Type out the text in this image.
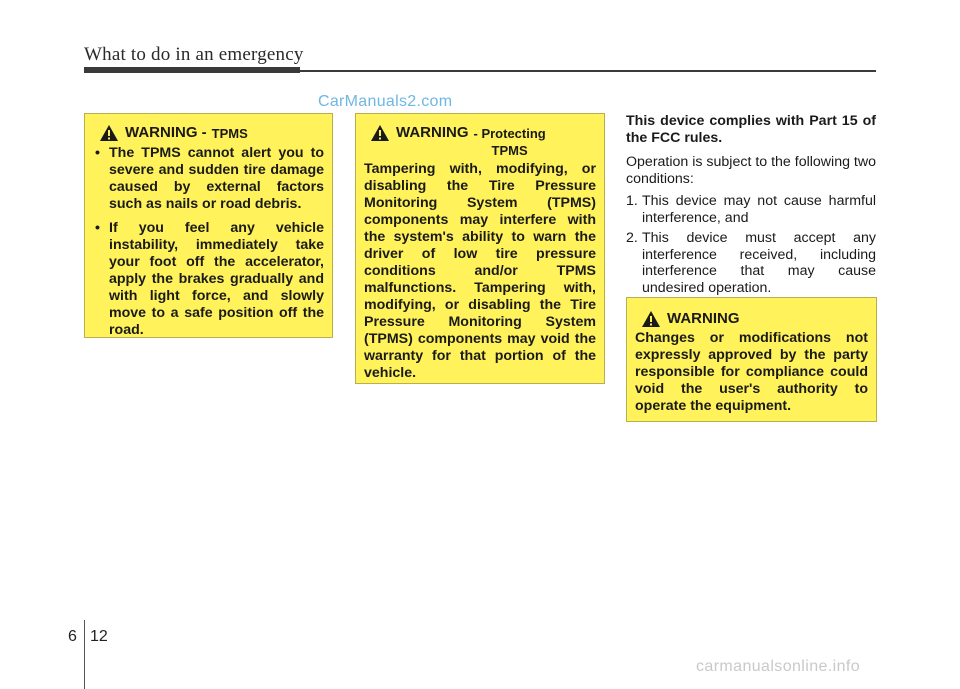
What to do in an emergency
CarManuals2.com
WARNING - TPMS
• The TPMS cannot alert you to severe and sudden tire damage caused by external factors such as nails or road debris.
• If you feel any vehicle instability, immediately take your foot off the accelerator, apply the brakes gradually and with light force, and slowly move to a safe position off the road.
WARNING - Protecting
TPMS
Tampering with, modifying, or disabling the Tire Pressure Monitoring System (TPMS) components may interfere with the system's ability to warn the driver of low tire pressure conditions and/or TPMS malfunctions. Tampering with, modifying, or disabling the Tire Pressure Monitoring System (TPMS) components may void the warranty for that portion of the vehicle.

This device complies with Part 15 of the FCC rules.

Operation is subject to the following two conditions:

1. This device may not cause harmful interference, and
2. This device must accept any interference received, including interference that may cause undesired operation.
WARNING
Changes or modifications not expressly approved by the party responsible for compliance could void the user's authority to operate the equipment.
6 12
carmanualsonline.info
